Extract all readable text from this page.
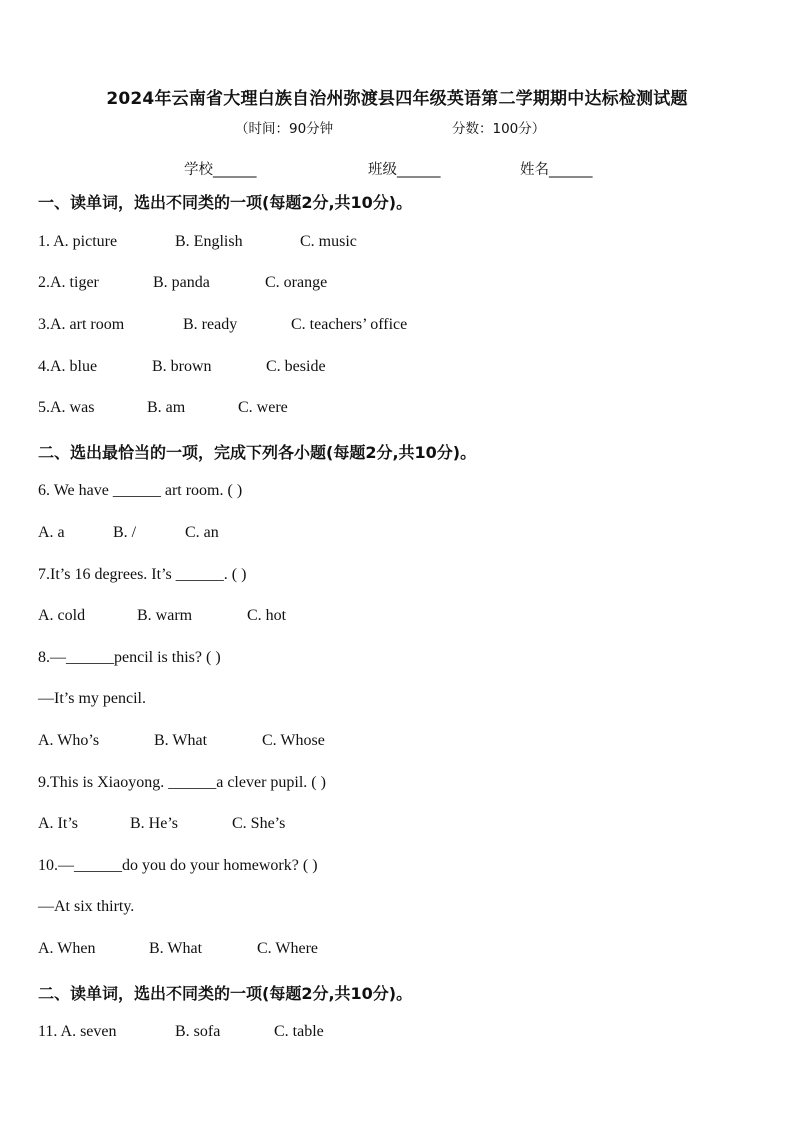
2024年云南省大理白族自治州弥渡县四年级英语第二学期期中达标检测试题
（时间：90分钟	分数：100分）
学校______	班级______	姓名______
一、读单词，选出不同类的一项(每题2分,共10分)。
1. A. picture	B. English	C. music
2.A. tiger	B. panda	C. orange
3.A. art room	B. ready	C. teachers’ office
4.A. blue	B. brown	C. beside
5.A. was	B. am	C. were
二、选出最恰当的一项，完成下列各小题(每题2分,共10分)。
6. We have ______ art room. ( )
A. a	B. /	C. an
7.It’s 16 degrees. It’s ______. ( )
A. cold	B. warm	C. hot
8.—______pencil is this? ( )
—It’s my pencil.
A. Who’s	B. What	C. Whose
9.This is Xiaoyong. ______a clever pupil. ( )
A. It’s	B. He’s	C. She’s
10.—______do you do your homework? ( )
—At six thirty.
A. When	B. What	C. Where
二、读单词，选出不同类的一项(每题2分,共10分)。
11. A. seven	B. sofa	C. table
